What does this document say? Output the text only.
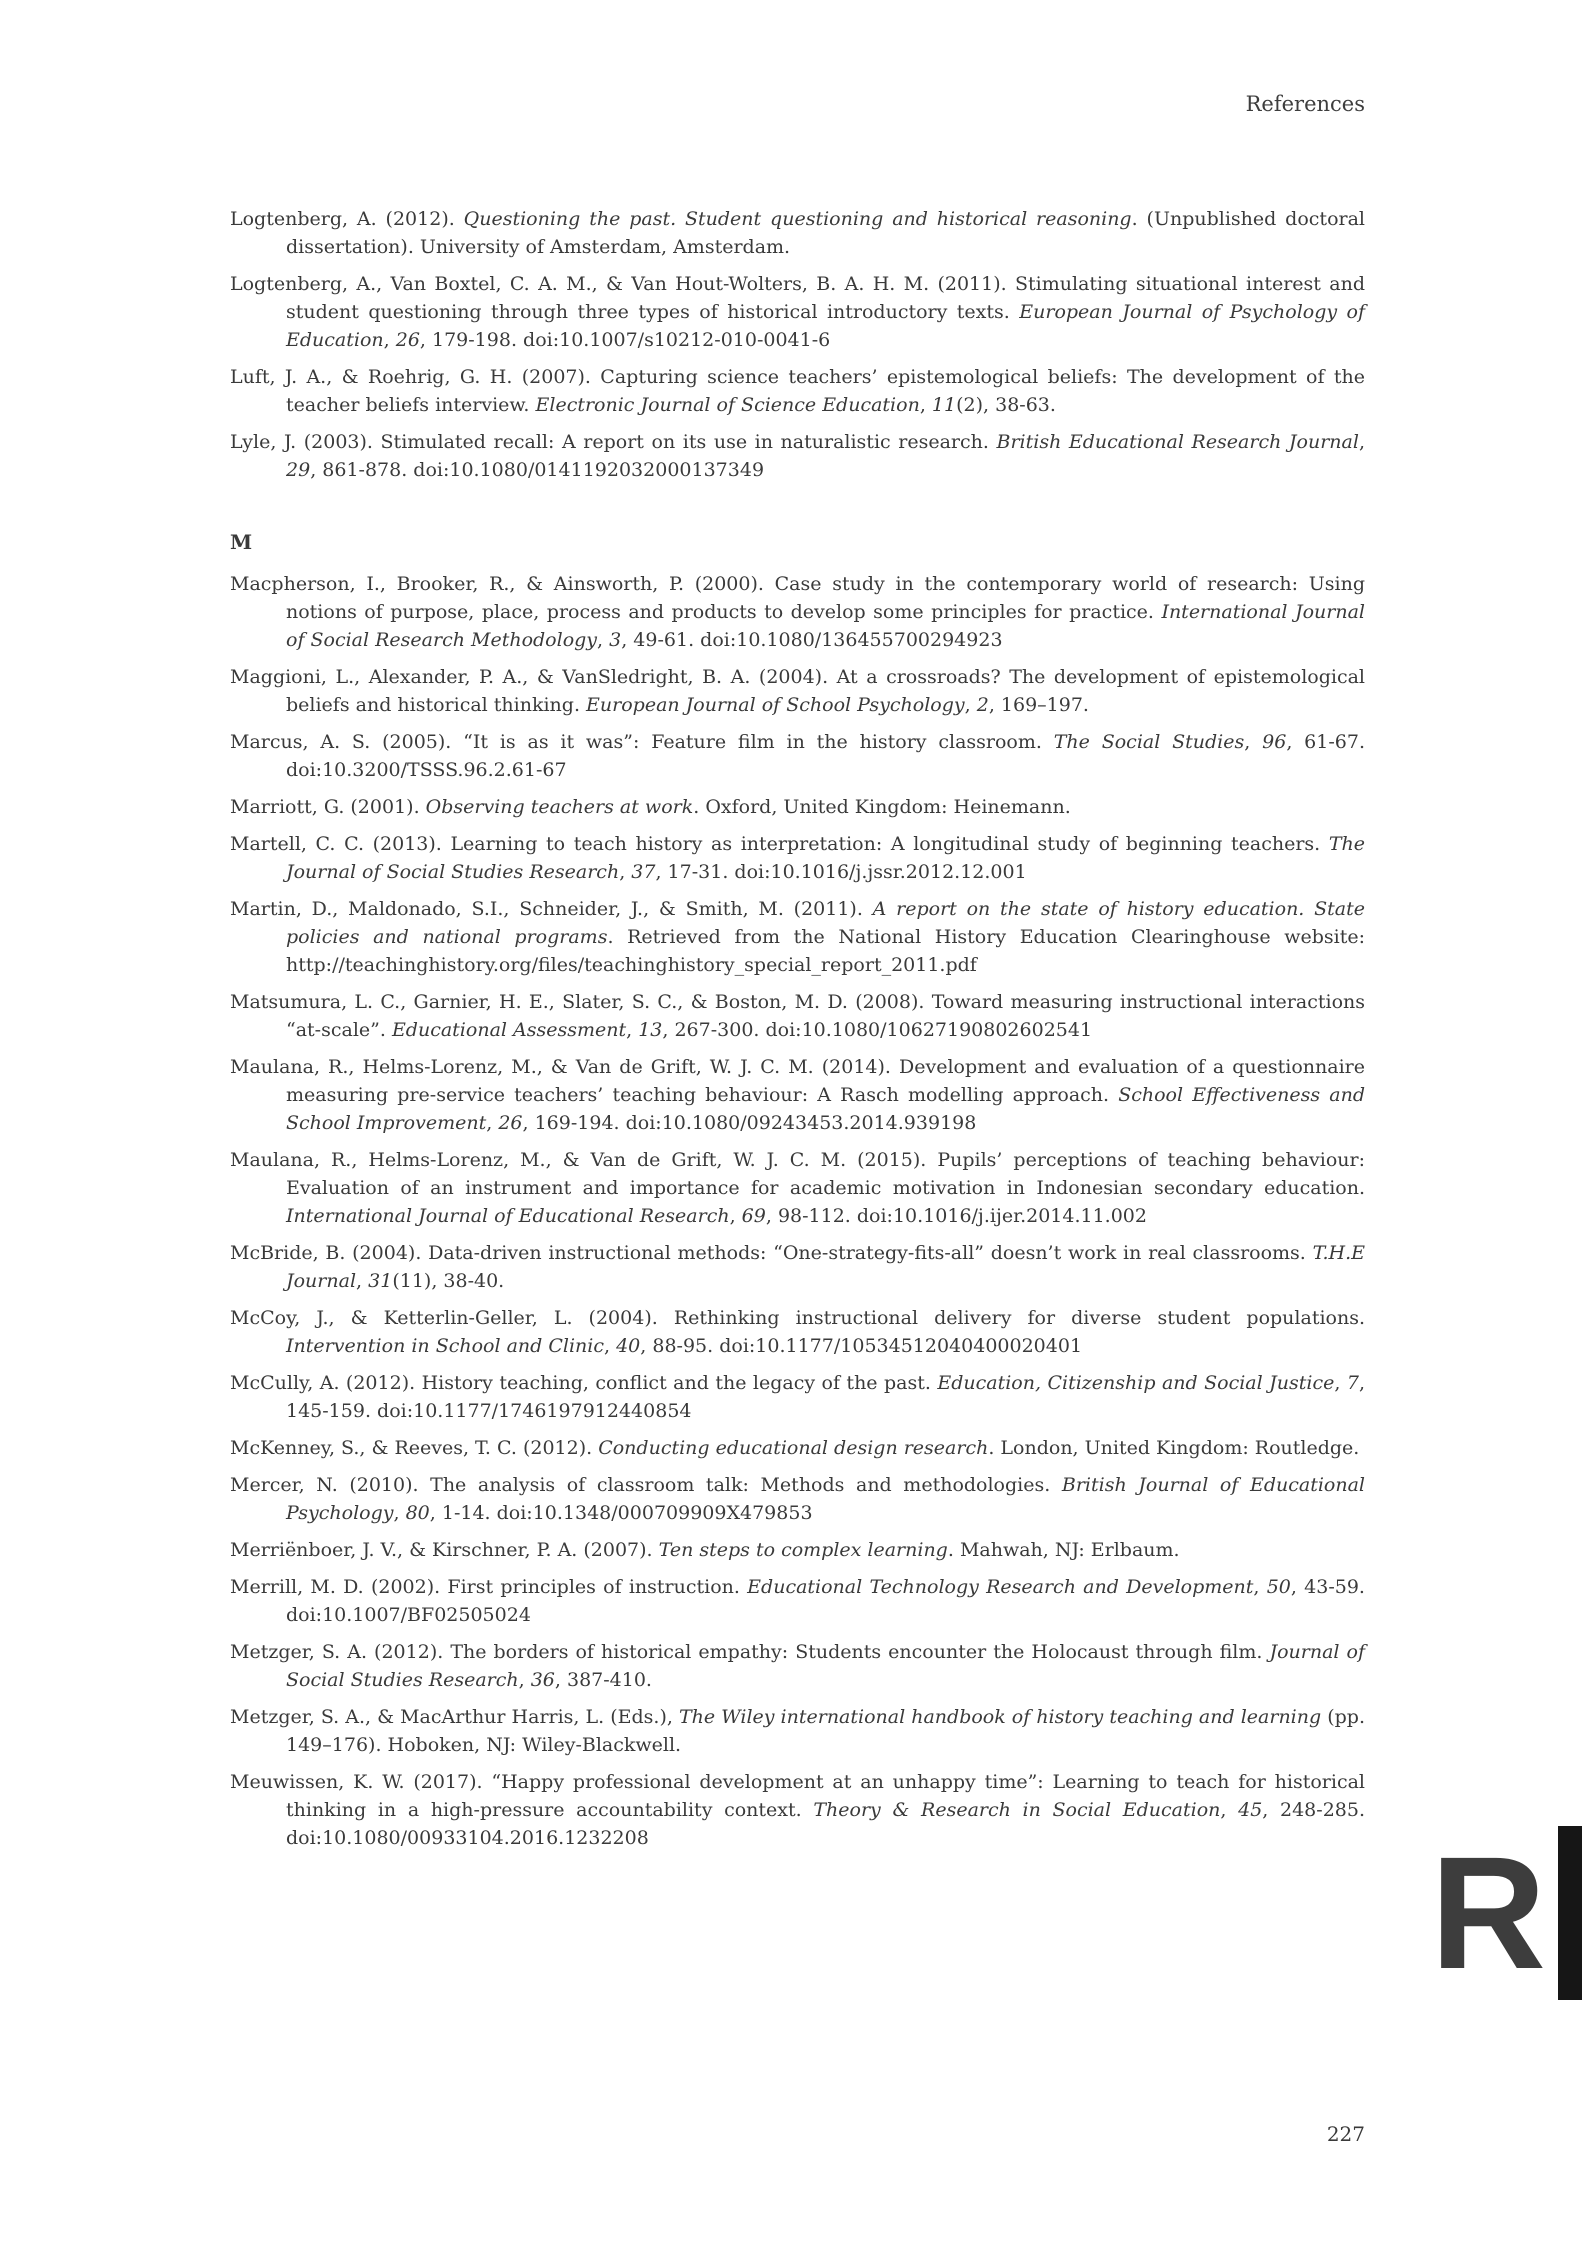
References

Logtenberg, A. (2012). Questioning the past. Student questioning and historical reasoning. (Unpublished doctoral dissertation). University of Amsterdam, Amsterdam.

Logtenberg, A., Van Boxtel, C. A. M., & Van Hout-Wolters, B. A. H. M. (2011). Stimulating situational interest and student questioning through three types of historical introductory texts. European Journal of Psychology of Education, 26, 179-198. doi:10.1007/s10212-010-0041-6

Luft, J. A., & Roehrig, G. H. (2007). Capturing science teachers’ epistemological beliefs: The development of the teacher beliefs interview. Electronic Journal of Science Education, 11(2), 38-63.

Lyle, J. (2003). Stimulated recall: A report on its use in naturalistic research. British Educational Research Journal, 29, 861-878. doi:10.1080/0141192032000137349

M

Macpherson, I., Brooker, R., & Ainsworth, P. (2000). Case study in the contemporary world of research: Using notions of purpose, place, process and products to develop some principles for practice. International Journal of Social Research Methodology, 3, 49-61. doi:10.1080/136455700294923

Maggioni, L., Alexander, P. A., & VanSledright, B. A. (2004). At a crossroads? The development of epistemological beliefs and historical thinking. European Journal of School Psychology, 2, 169–197.

Marcus, A. S. (2005). “It is as it was”: Feature film in the history classroom. The Social Studies, 96, 61-67. doi:10.3200/TSSS.96.2.61-67

Marriott, G. (2001). Observing teachers at work. Oxford, United Kingdom: Heinemann.

Martell, C. C. (2013). Learning to teach history as interpretation: A longitudinal study of beginning teachers. The Journal of Social Studies Research, 37, 17-31. doi:10.1016/j.jssr.2012.12.001

Martin, D., Maldonado, S.I., Schneider, J., & Smith, M. (2011). A report on the state of history education. State policies and national programs. Retrieved from the National History Education Clearinghouse website: http://teachinghistory.org/files/teachinghistory_special_report_2011.pdf

Matsumura, L. C., Garnier, H. E., Slater, S. C., & Boston, M. D. (2008). Toward measuring instructional interactions “at-scale”. Educational Assessment, 13, 267-300. doi:10.1080/10627190802602541

Maulana, R., Helms-Lorenz, M., & Van de Grift, W. J. C. M. (2014). Development and evaluation of a questionnaire measuring pre-service teachers’ teaching behaviour: A Rasch modelling approach. School Effectiveness and School Improvement, 26, 169-194. doi:10.1080/09243453.2014.939198

Maulana, R., Helms-Lorenz, M., & Van de Grift, W. J. C. M. (2015). Pupils’ perceptions of teaching behaviour: Evaluation of an instrument and importance for academic motivation in Indonesian secondary education. International Journal of Educational Research, 69, 98-112. doi:10.1016/j.ijer.2014.11.002

McBride, B. (2004). Data-driven instructional methods: “One-strategy-fits-all” doesn’t work in real classrooms. T.H.E Journal, 31(11), 38-40.

McCoy, J., & Ketterlin-Geller, L. (2004). Rethinking instructional delivery for diverse student populations. Intervention in School and Clinic, 40, 88-95. doi:10.1177/10534512040400020401

McCully, A. (2012). History teaching, conflict and the legacy of the past. Education, Citizenship and Social Justice, 7, 145-159. doi:10.1177/1746197912440854

McKenney, S., & Reeves, T. C. (2012). Conducting educational design research. London, United Kingdom: Routledge.

Mercer, N. (2010). The analysis of classroom talk: Methods and methodologies. British Journal of Educational Psychology, 80, 1-14. doi:10.1348/000709909X479853

Merriënboer, J. V., & Kirschner, P. A. (2007). Ten steps to complex learning. Mahwah, NJ: Erlbaum.

Merrill, M. D. (2002). First principles of instruction. Educational Technology Research and Development, 50, 43-59. doi:10.1007/BF02505024

Metzger, S. A. (2012). The borders of historical empathy: Students encounter the Holocaust through film. Journal of Social Studies Research, 36, 387-410.

Metzger, S. A., & MacArthur Harris, L. (Eds.), The Wiley international handbook of history teaching and learning (pp. 149–176). Hoboken, NJ: Wiley-Blackwell.

Meuwissen, K. W. (2017). “Happy professional development at an unhappy time”: Learning to teach for historical thinking in a high-pressure accountability context. Theory & Research in Social Education, 45, 248-285. doi:10.1080/00933104.2016.1232208

227
R
